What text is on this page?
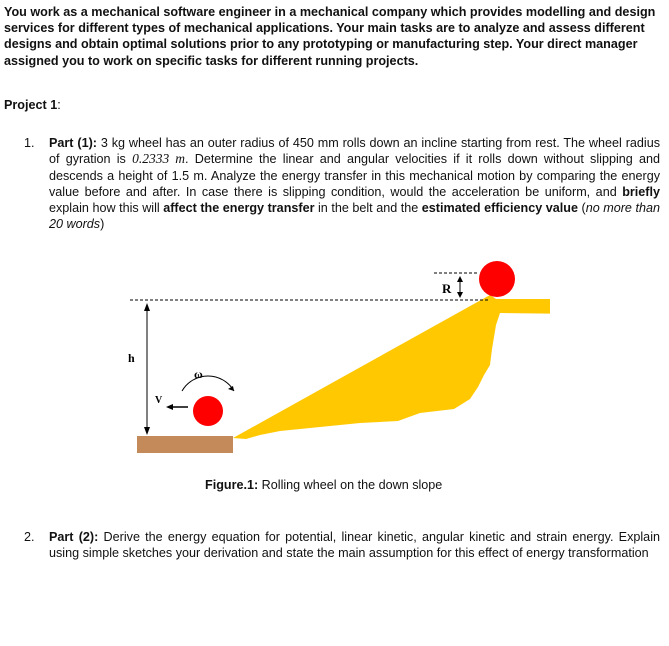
You work as a mechanical software engineer in a mechanical company which provides modelling and design services for different types of mechanical applications. Your main tasks are to analyze and assess different designs and obtain optimal solutions prior to any prototyping or manufacturing step. Your direct manager assigned you to work on specific tasks for different running projects.
Project 1:
1. Part (1): 3 kg wheel has an outer radius of 450 mm rolls down an incline starting from rest. The wheel radius of gyration is 0.2333 m. Determine the linear and angular velocities if it rolls down without slipping and descends a height of 1.5 m. Analyze the energy transfer in this mechanical motion by comparing the energy value before and after. In case there is slipping condition, would the acceleration be uniform, and briefly explain how this will affect the energy transfer in the belt and the estimated efficiency value (no more than 20 words)
h
ω
V
R
Figure.1: Rolling wheel on the down slope
2. Part (2): Derive the energy equation for potential, linear kinetic, angular kinetic and strain energy. Explain using simple sketches your derivation and state the main assumption for this effect of energy transformation
